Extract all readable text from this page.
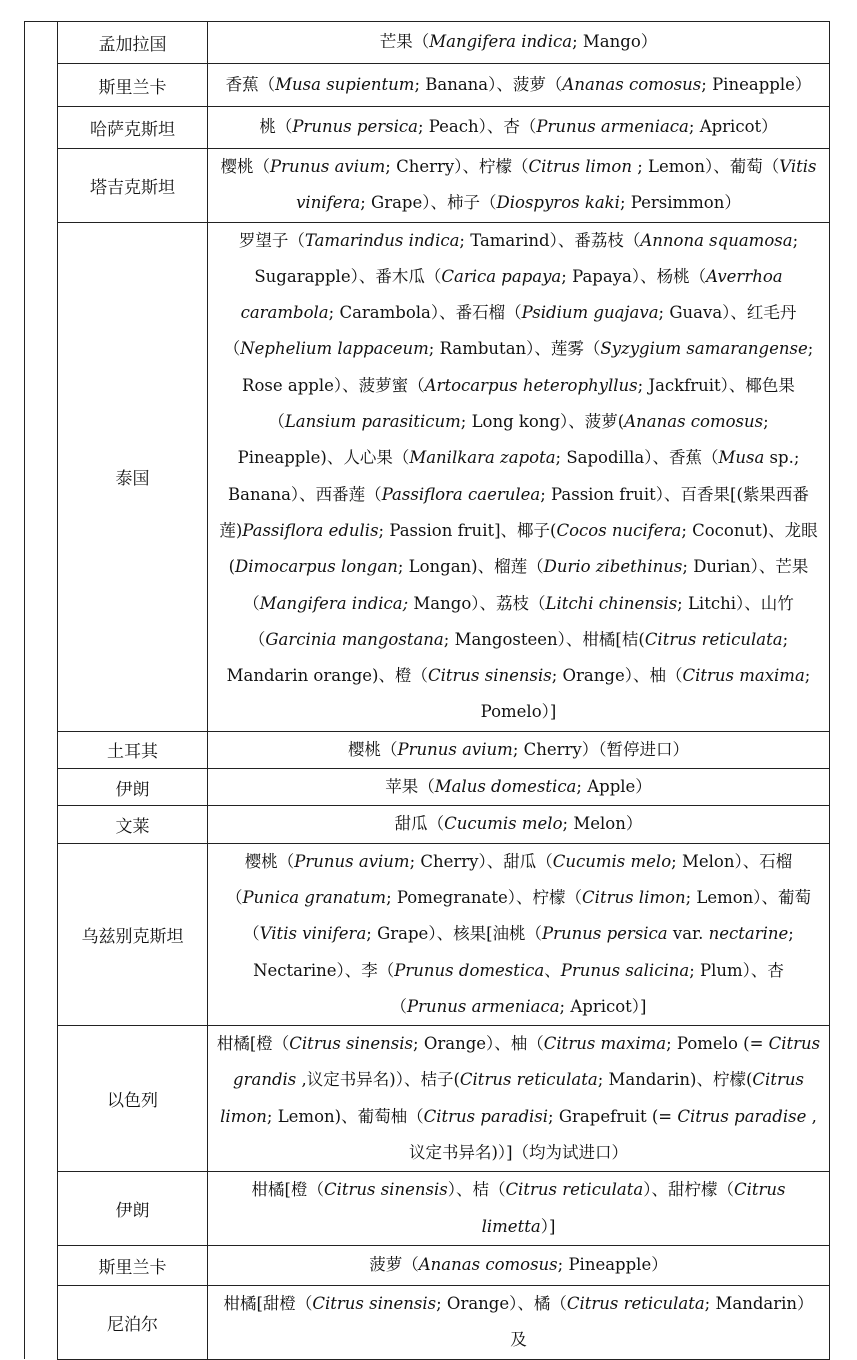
	孟加拉国	芒果（Mangifera indica; Mango）
	斯里兰卡	香蕉（Musa supientum; Banana）、菠萝（Ananas comosus; Pineapple）
	哈萨克斯坦	桃（Prunus persica; Peach）、杏（Prunus armeniaca; Apricot）
	塔吉克斯坦	樱桃（Prunus avium; Cherry）、柠檬（Citrus limon ; Lemon）、葡萄（Vitis vinifera; Grape）、柿子（Diospyros kaki; Persimmon）
	泰国	罗望子（Tamarindus indica; Tamarind）、番荔枝（Annona squamosa; Sugarapple）、番木瓜（Carica papaya; Papaya）、杨桃（Averrhoa carambola; Carambola）、番石榴（Psidium guajava; Guava）、红毛丹（Nephelium lappaceum; Rambutan）、莲雾（Syzygium samarangense; Rose apple）、菠萝蜜（Artocarpus heterophyllus; Jackfruit）、椰色果（Lansium parasiticum; Long kong）、菠萝(Ananas comosus; Pineapple)、人心果（Manilkara zapota; Sapodilla）、香蕉（Musa sp.; Banana）、西番莲（Passiflora caerulea; Passion fruit）、百香果[(紫果西番莲)Passiflora edulis; Passion fruit]、椰子(Cocos nucifera; Coconut)、龙眼(Dimocarpus longan; Longan)、榴莲（Durio zibethinus; Durian）、芒果（Mangifera indica; Mango）、荔枝（Litchi chinensis; Litchi）、山竹（Garcinia mangostana; Mangosteen）、柑橘[桔(Citrus reticulata; Mandarin orange)、橙（Citrus sinensis; Orange）、柚（Citrus maxima; Pomelo）]
	土耳其	樱桃（Prunus avium; Cherry）（暂停进口）
	伊朗	苹果（Malus domestica; Apple）
	文莱	甜瓜（Cucumis melo; Melon）
	乌兹别克斯坦	樱桃（Prunus avium; Cherry）、甜瓜（Cucumis melo; Melon）、石榴（Punica granatum; Pomegranate）、柠檬（Citrus limon; Lemon）、葡萄（Vitis vinifera; Grape）、核果[油桃（Prunus persica var. nectarine; Nectarine）、李（Prunus domestica、Prunus salicina; Plum）、杏（Prunus armeniaca; Apricot）]
	以色列	柑橘[橙（Citrus sinensis; Orange）、柚（Citrus maxima; Pomelo (= Citrus grandis ,议定书异名)）、桔子(Citrus reticulata; Mandarin)、柠檬(Citrus limon; Lemon)、葡萄柚（Citrus paradisi; Grapefruit (= Citrus paradise ,议定书异名)）]（均为试进口）
	伊朗	柑橘[橙（Citrus sinensis）、桔（Citrus reticulata）、甜柠檬（Citrus limetta）]
	斯里兰卡	菠萝（Ananas comosus; Pineapple）
	尼泊尔	柑橘[甜橙（Citrus sinensis; Orange）、橘（Citrus reticulata; Mandarin）及
